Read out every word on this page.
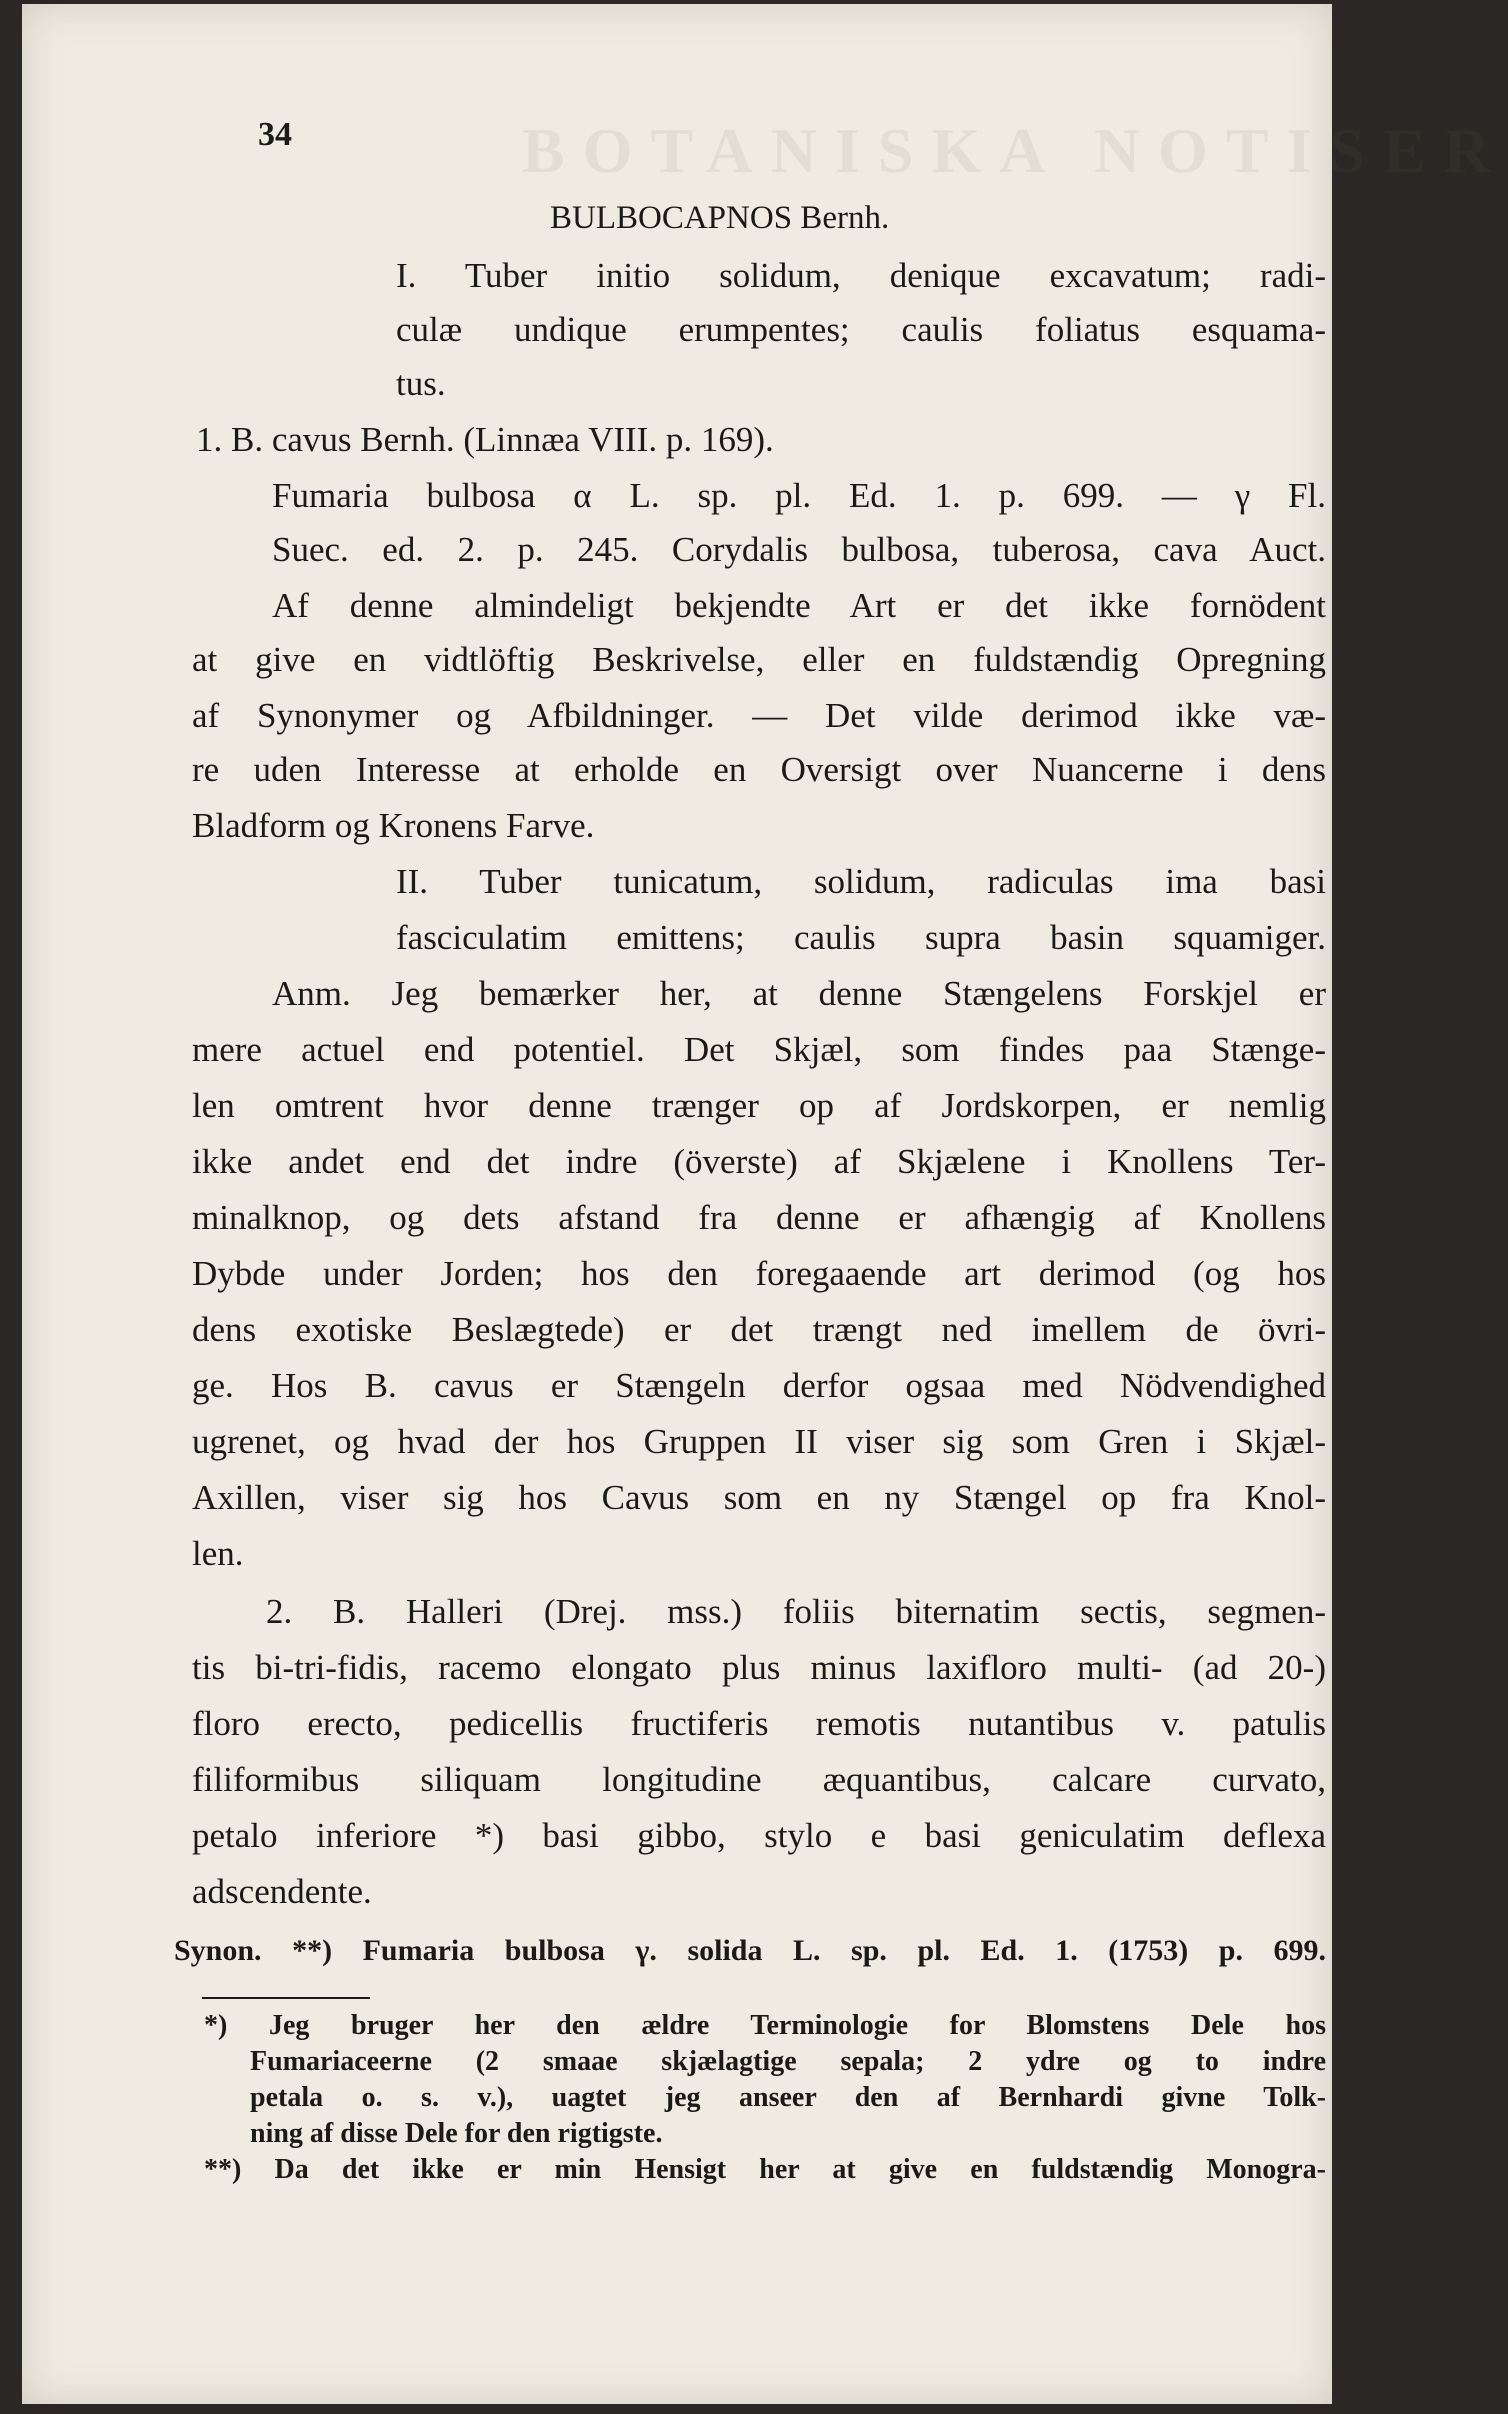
BOTANISKA NOTISER
34
BULBOCAPNOS Bernh.
I. Tuber initio solidum, denique excavatum; radi-
culæ undique erumpentes; caulis foliatus esquama-
tus.
1. B. cavus Bernh. (Linnæa VIII. p. 169).
Fumaria bulbosa α L. sp. pl. Ed. 1. p. 699. — γ Fl.
Suec. ed. 2. p. 245. Corydalis bulbosa, tuberosa, cava Auct.
Af denne almindeligt bekjendte Art er det ikke fornödent
at give en vidtlöftig Beskrivelse, eller en fuldstændig Opregning
af Synonymer og Afbildninger. — Det vilde derimod ikke væ-
re uden Interesse at erholde en Oversigt over Nuancerne i dens
Bladform og Kronens Farve.
II. Tuber tunicatum, solidum, radiculas ima basi
fasciculatim emittens; caulis supra basin squamiger.
Anm. Jeg bemærker her, at denne Stængelens Forskjel er
mere actuel end potentiel. Det Skjæl, som findes paa Stænge-
len omtrent hvor denne trænger op af Jordskorpen, er nemlig
ikke andet end det indre (överste) af Skjælene i Knollens Ter-
minalknop, og dets afstand fra denne er afhængig af Knollens
Dybde under Jorden; hos den foregaaende art derimod (og hos
dens exotiske Beslægtede) er det trængt ned imellem de övri-
ge. Hos B. cavus er Stængeln derfor ogsaa med Nödvendighed
ugrenet, og hvad der hos Gruppen II viser sig som Gren i Skjæl-
Axillen, viser sig hos Cavus som en ny Stængel op fra Knol-
len.
2. B. Halleri (Drej. mss.) foliis biternatim sectis, segmen-
tis bi-tri-fidis, racemo elongato plus minus laxifloro multi- (ad 20-)
floro erecto, pedicellis fructiferis remotis nutantibus v. patulis
filiformibus siliquam longitudine æquantibus, calcare curvato,
petalo inferiore *) basi gibbo, stylo e basi geniculatim deflexa
adscendente.
Synon. **) Fumaria bulbosa γ. solida L. sp. pl. Ed. 1. (1753) p. 699.
*) Jeg bruger her den ældre Terminologie for Blomstens Dele hos
Fumariaceerne (2 smaae skjælagtige sepala; 2 ydre og to indre
petala o. s. v.), uagtet jeg anseer den af Bernhardi givne Tolk-
ning af disse Dele for den rigtigste.
**) Da det ikke er min Hensigt her at give en fuldstændig Monogra-
